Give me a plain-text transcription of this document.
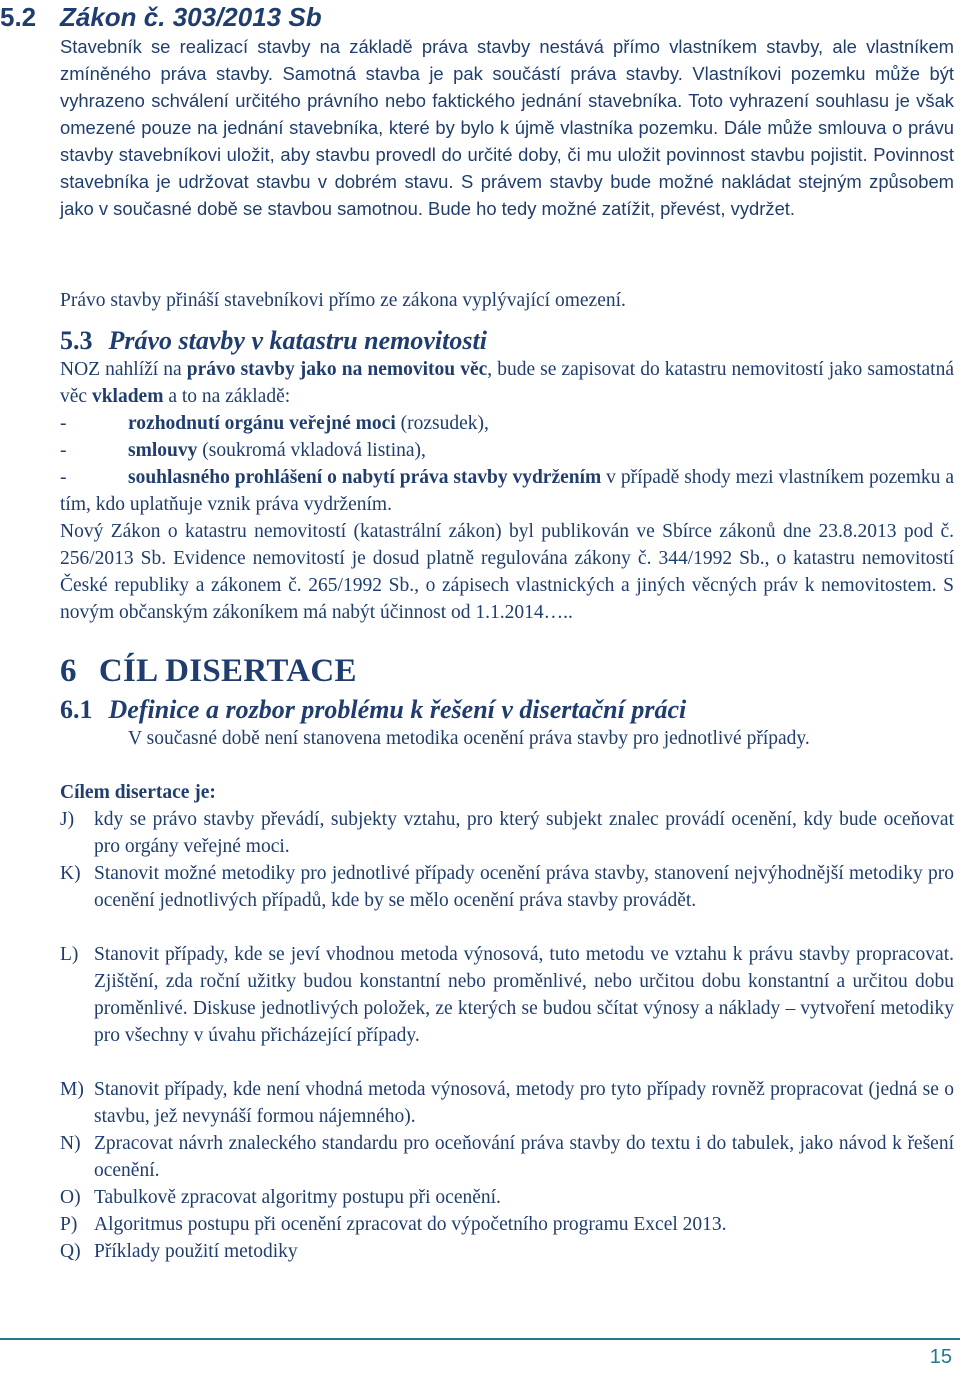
5.2 Zákon č. 303/2013 Sb
Stavebník se realizací stavby na základě práva stavby nestává přímo vlastníkem stavby, ale vlastníkem zmíněného práva stavby. Samotná stavba je pak součástí práva stavby. Vlastníkovi pozemku může být vyhrazeno schválení určitého právního nebo faktického jednání stavebníka. Toto vyhrazení souhlasu je však omezené pouze na jednání stavebníka, které by bylo k újmě vlastníka pozemku. Dále může smlouva o právu stavby stavebníkovi uložit, aby stavbu provedl do určité doby, či mu uložit povinnost stavbu pojistit. Povinnost stavebníka je udržovat stavbu v dobrém stavu. S právem stavby bude možné nakládat stejným způsobem jako v současné době se stavbou samotnou. Bude ho tedy možné zatížit, převést, vydržet.
Právo stavby přináší stavebníkovi přímo ze zákona vyplývající omezení.
5.3 Právo stavby v katastru nemovitosti
NOZ nahlíží na právo stavby jako na nemovitou věc, bude se zapisovat do katastru nemovitostí jako samostatná věc vkladem a to na základě:
-	rozhodnutí orgánu veřejné moci (rozsudek),
-	smlouvy (soukromá vkladová listina),
-	souhlasného prohlášení o nabytí práva stavby vydržením v případě shody mezi vlastníkem pozemku a tím, kdo uplatňuje vznik práva vydržením.
Nový Zákon o katastru nemovitostí (katastrální zákon) byl publikován ve Sbírce zákonů dne 23.8.2013 pod č. 256/2013 Sb. Evidence nemovitostí je dosud platně regulována zákony č. 344/1992 Sb., o katastru nemovitostí České republiky a zákonem č. 265/1992 Sb., o zápisech vlastnických a jiných věcných práv k nemovitostem. S novým občanským zákoníkem má nabýt účinnost od 1.1.2014…..
6 CÍL DISERTACE
6.1 Definice a rozbor problému k řešení v disertační práci
V současné době není stanovena metodika ocenění práva stavby pro jednotlivé případy.
Cílem disertace je:
J) kdy se právo stavby převádí, subjekty vztahu, pro který subjekt znalec provádí ocenění, kdy bude oceňovat pro orgány veřejné moci.
K) Stanovit možné metodiky pro jednotlivé případy ocenění práva stavby, stanovení nejvýhodnější metodiky pro ocenění jednotlivých případů, kde by se mělo ocenění práva stavby provádět.
L) Stanovit případy, kde se jeví vhodnou metoda výnosová, tuto metodu ve vztahu k právu stavby propracovat. Zjištění, zda roční užitky budou konstantní nebo proměnlivé, nebo určitou dobu konstantní a určitou dobu proměnlivé. Diskuse jednotlivých položek, ze kterých se budou sčítat výnosy a náklady – vytvoření metodiky pro všechny v úvahu přicházející případy.
M) Stanovit případy, kde není vhodná metoda výnosová, metody pro tyto případy rovněž propracovat (jedná se o stavbu, jež nevynáší formou nájemného).
N) Zpracovat návrh znaleckého standardu pro oceňování práva stavby do textu i do tabulek, jako návod k řešení ocenění.
O) Tabulkově zpracovat algoritmy postupu při ocenění.
P) Algoritmus postupu při ocenění zpracovat do výpočetního programu Excel 2013.
Q) Příklady použití metodiky
15
